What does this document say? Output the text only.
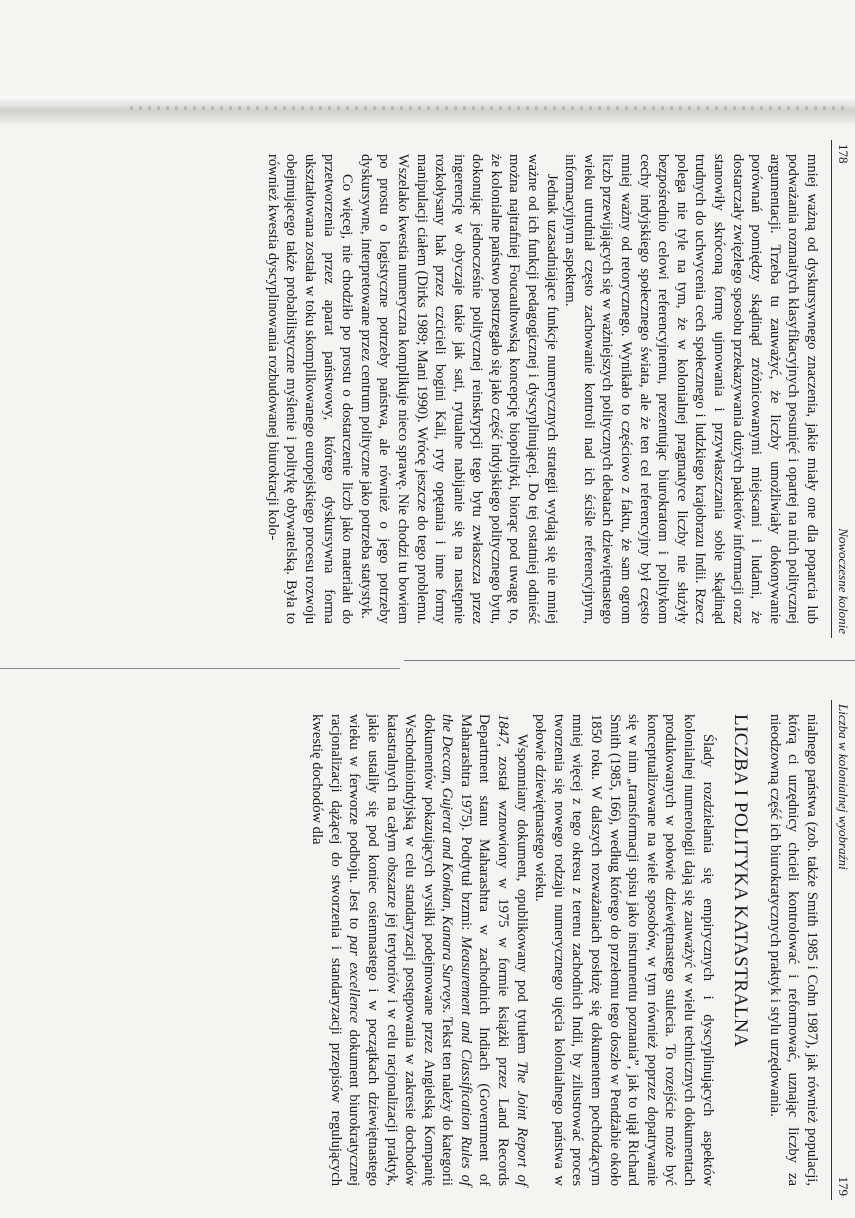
178
Nowoczesne kolonie

mniej ważną od dyskursywnego znaczenia, jakie miały one dla poparcia lub podważania rozmaitych klasyfikacyjnych posunięć i opartej na nich politycznej argumentacji. Trzeba tu zauważyć, że liczby umożliwiały dokonywanie porównań pomiędzy skądinąd zróżnicowanymi miejscami i ludami, że dostarczały zwięzłego sposobu przekazywania dużych pakietów informacji oraz stanowiły skróconą formę ujmowania i przywłaszczania sobie skądinąd trudnych do uchwycenia cech społecznego i ludzkiego krajobrazu Indii. Rzecz polega nie tyle na tym, że w kolonialnej pragmatyce liczby nie służyły bezpośrednio celowi referencyjnemu, prezentując biurokratom i politykom cechy indyjskiego społecznego świata, ale że ten cel referencyjny był często mniej ważny od retorycznego. Wynikało to częściowo z faktu, że sam ogrom liczb przewijających się w ważniejszych politycznych debatach dziewiętnastego wieku utrudniał często zachowanie kontroli nad ich ściśle referencyjnym, informacyjnym aspektem.

Jednak uzasadniające funkcje numerycznych strategii wydają się nie mniej ważne od ich funkcji pedagogicznej i dyscyplinującej. Do tej ostatniej odnieść można najtrafniej Foucaultowską koncepcję biopolityki, biorąc pod uwagę to, że kolonialne państwo postrzegało się jako część indyjskiego politycznego bytu, dokonując jednocześnie politycznej reinskrypcji tego bytu zwłaszcza przez ingerencję w obyczaje takie jak sati, rytualne nabijanie się na następnie rozkołysany hak przez czcicieli bogini Kali, ryty opętania i inne formy manipulacji ciałem (Dirks 1989; Mani 1990). Wrócę jeszcze do tego problemu. Wszelako kwestia numeryczna komplikuje nieco sprawę. Nie chodzi tu bowiem po prostu o logistyczne potrzeby państwa, ale również o jego potrzeby dyskursywne, interpretowane przez centrum polityczne jako potrzeba statystyk.

Co więcej, nie chodziło po prostu o dostarczenie liczb jako materiału do przetworzenia przez aparat państwowy, którego dyskursywna forma ukształtowana została w toku skomplikowanego europejskiego procesu rozwoju obejmującego także probabilistyczne myślenie i politykę obywatelską. Była to również kwestia dyscyplinowania rozbudowanej biurokracji kolo-

Liczba w kolonialnej wyobraźni
179

nialnego państwa (zob. także Smith 1985 i Cohn 1987), jak również populacji, którą ci urzędnicy chcieli kontrolować i reformować, uznając liczby za nieodzowną część ich biurokratycznych praktyk i stylu urzędowania.

LICZBA I POLITYKA KATASTRALNA

Ślady rozdzielania się empirycznych i dyscyplinujących aspektów kolonialnej numerologii dają się zauważyć w wielu technicznych dokumentach produkowanych w połowie dziewiętnastego stulecia. To rozejście może być konceptualizowane na wiele sposobów, w tym również poprzez dopatrywanie się w nim „transformacji spisu jako instrumentu poznania”, jak to ujął Richard Smith (1985, 166), według którego do przełomu tego doszło w Pendżabie około 1850 roku. W dalszych rozważaniach posłużę się dokumentem pochodzącym mniej więcej z tego okresu z terenu zachodnich Indii, by zilustrować proces tworzenia się nowego rodzaju numerycznego ujęcia kolonialnego państwa w połowie dziewiętnastego wieku.

Wspomniany dokument, opublikowany pod tytułem The Joint Report of 1847, został wznowiony w 1975 w formie książki przez Land Records Department stanu Maharashtra w zachodnich Indiach (Government of Maharashtra 1975). Podtytuł brzmi: Measurement and Classification Rules of the Deccan, Gujerat and Konkan, Kanara Surveys. Tekst ten należy do kategorii dokumentów pokazujących wysiłki podejmowane przez Angielską Kompanię Wschodnioindyjską w celu standaryzacji postępowania w zakresie dochodów katastralnych na całym obszarze jej terytoriów i w celu racjonalizacji praktyk, jakie ustaliły się pod koniec osiemnastego i w początkach dziewiętnastego wieku w ferworze podboju. Jest to par excellence dokument biurokratycznej racjonalizacji dążącej do stworzenia i standaryzacji przepisów regulujących kwestię dochodów dla
